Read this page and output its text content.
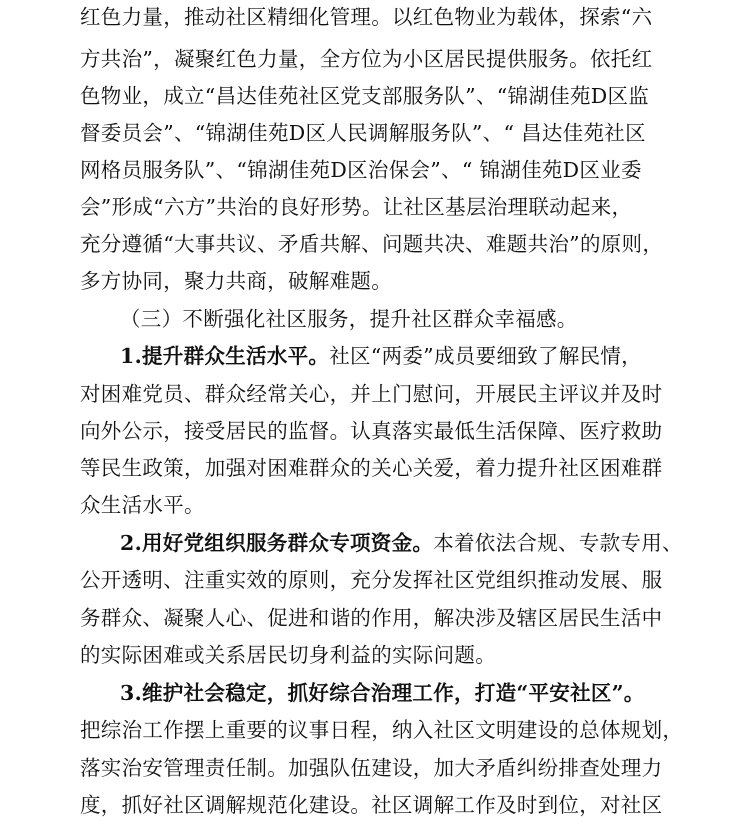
红色力量，推动社区精细化管理。以红色物业为载体，探索“六
方共治”，凝聚红色力量，全方位为小区居民提供服务。依托红
色物业，成立“昌达佳苑社区党支部服务队”、“锦湖佳苑D区监
督委员会”、“锦湖佳苑D区人民调解服务队”、“ 昌达佳苑社区
网格员服务队”、“锦湖佳苑D区治保会”、“ 锦湖佳苑D区业委
会”形成“六方”共治的良好形势。让社区基层治理联动起来，
充分遵循“大事共议、矛盾共解、问题共决、难题共治”的原则，
多方协同，聚力共商，破解难题。
（三）不断强化社区服务，提升社区群众幸福感。
1.提升群众生活水平。社区“两委”成员要细致了解民情，
对困难党员、群众经常关心，并上门慰问，开展民主评议并及时
向外公示，接受居民的监督。认真落实最低生活保障、医疗救助
等民生政策，加强对困难群众的关心关爱，着力提升社区困难群
众生活水平。
2.用好党组织服务群众专项资金。本着依法合规、专款专用、
公开透明、注重实效的原则，充分发挥社区党组织推动发展、服
务群众、凝聚人心、促进和谐的作用，解决涉及辖区居民生活中
的实际困难或关系居民切身利益的实际问题。
3.维护社会稳定，抓好综合治理工作，打造“平安社区”。
把综治工作摆上重要的议事日程，纳入社区文明建设的总体规划，
落实治安管理责任制。加强队伍建设，加大矛盾纠纷排查处理力
度，抓好社区调解规范化建设。社区调解工作及时到位，对社区
